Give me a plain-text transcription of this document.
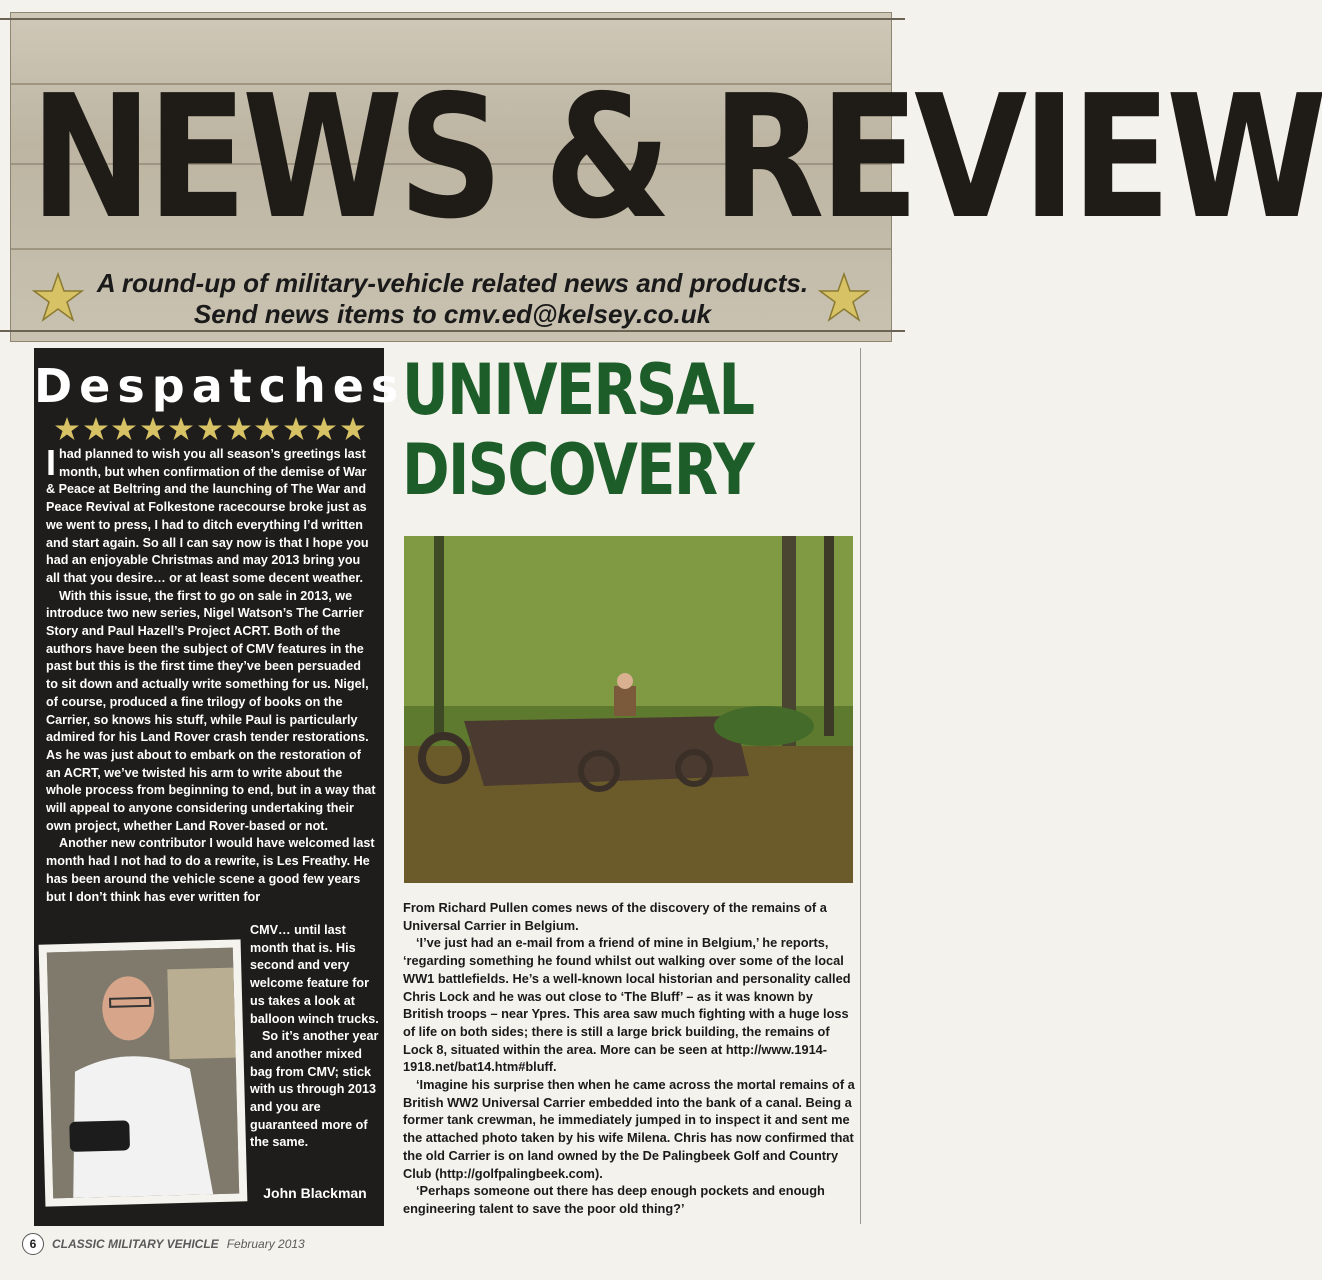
NEWS & REVIEW
A round-up of military-vehicle related news and products.
Send news items to cmv.ed@kelsey.co.uk
Despatches

Ihad planned to wish you all season’s greetings last month, but when confirmation of the demise of War & Peace at Beltring and the launching of The War and Peace Revival at Folkestone racecourse broke just as we went to press, I had to ditch everything I’d written and start again. So all I can say now is that I hope you had an enjoyable Christmas and may 2013 bring you all that you desire… or at least some decent weather.

With this issue, the first to go on sale in 2013, we introduce two new series, Nigel Watson’s The Carrier Story and Paul Hazell’s Project ACRT. Both of the authors have been the subject of CMV features in the past but this is the first time they’ve been persuaded to sit down and actually write something for us. Nigel, of course, produced a fine trilogy of books on the Carrier, so knows his stuff, while Paul is particularly admired for his Land Rover crash tender restorations. As he was just about to embark on the restoration of an ACRT, we’ve twisted his arm to write about the whole process from beginning to end, but in a way that will appeal to anyone considering undertaking their own project, whether Land Rover-based or not.

Another new contributor I would have welcomed last month had I not had to do a rewrite, is Les Freathy. He has been around the vehicle scene a good few years but I don’t think has ever written for

CMV… until last month that is. His second and very welcome feature for us takes a look at balloon winch trucks.

So it’s another year and another mixed bag from CMV; stick with us through 2013 and you are guaranteed more of the same.

John Blackman
UNIVERSAL
DISCOVERY

From Richard Pullen comes news of the discovery of the remains of a Universal Carrier in Belgium.

‘I’ve just had an e-mail from a friend of mine in Belgium,’ he reports, ‘regarding something he found whilst out walking over some of the local WW1 battlefields. He’s a well-known local historian and personality called Chris Lock and he was out close to ‘The Bluff’ – as it was known by British troops – near Ypres. This area saw much fighting with a huge loss of life on both sides; there is still a large brick building, the remains of Lock 8, situated within the area. More can be seen at http://www.1914-1918.net/bat14.htm#bluff.

‘Imagine his surprise then when he came across the mortal remains of a British WW2 Universal Carrier embedded into the bank of a canal. Being a former tank crewman, he immediately jumped in to inspect it and sent me the attached photo taken by his wife Milena. Chris has now confirmed that the old Carrier is on land owned by the De Palingbeek Golf and Country Club (http://golfpalingbeek.com).

‘Perhaps someone out there has deep enough pockets and enough engineering talent to save the poor old thing?’

6	CLASSIC MILITARY VEHICLE February 2013
